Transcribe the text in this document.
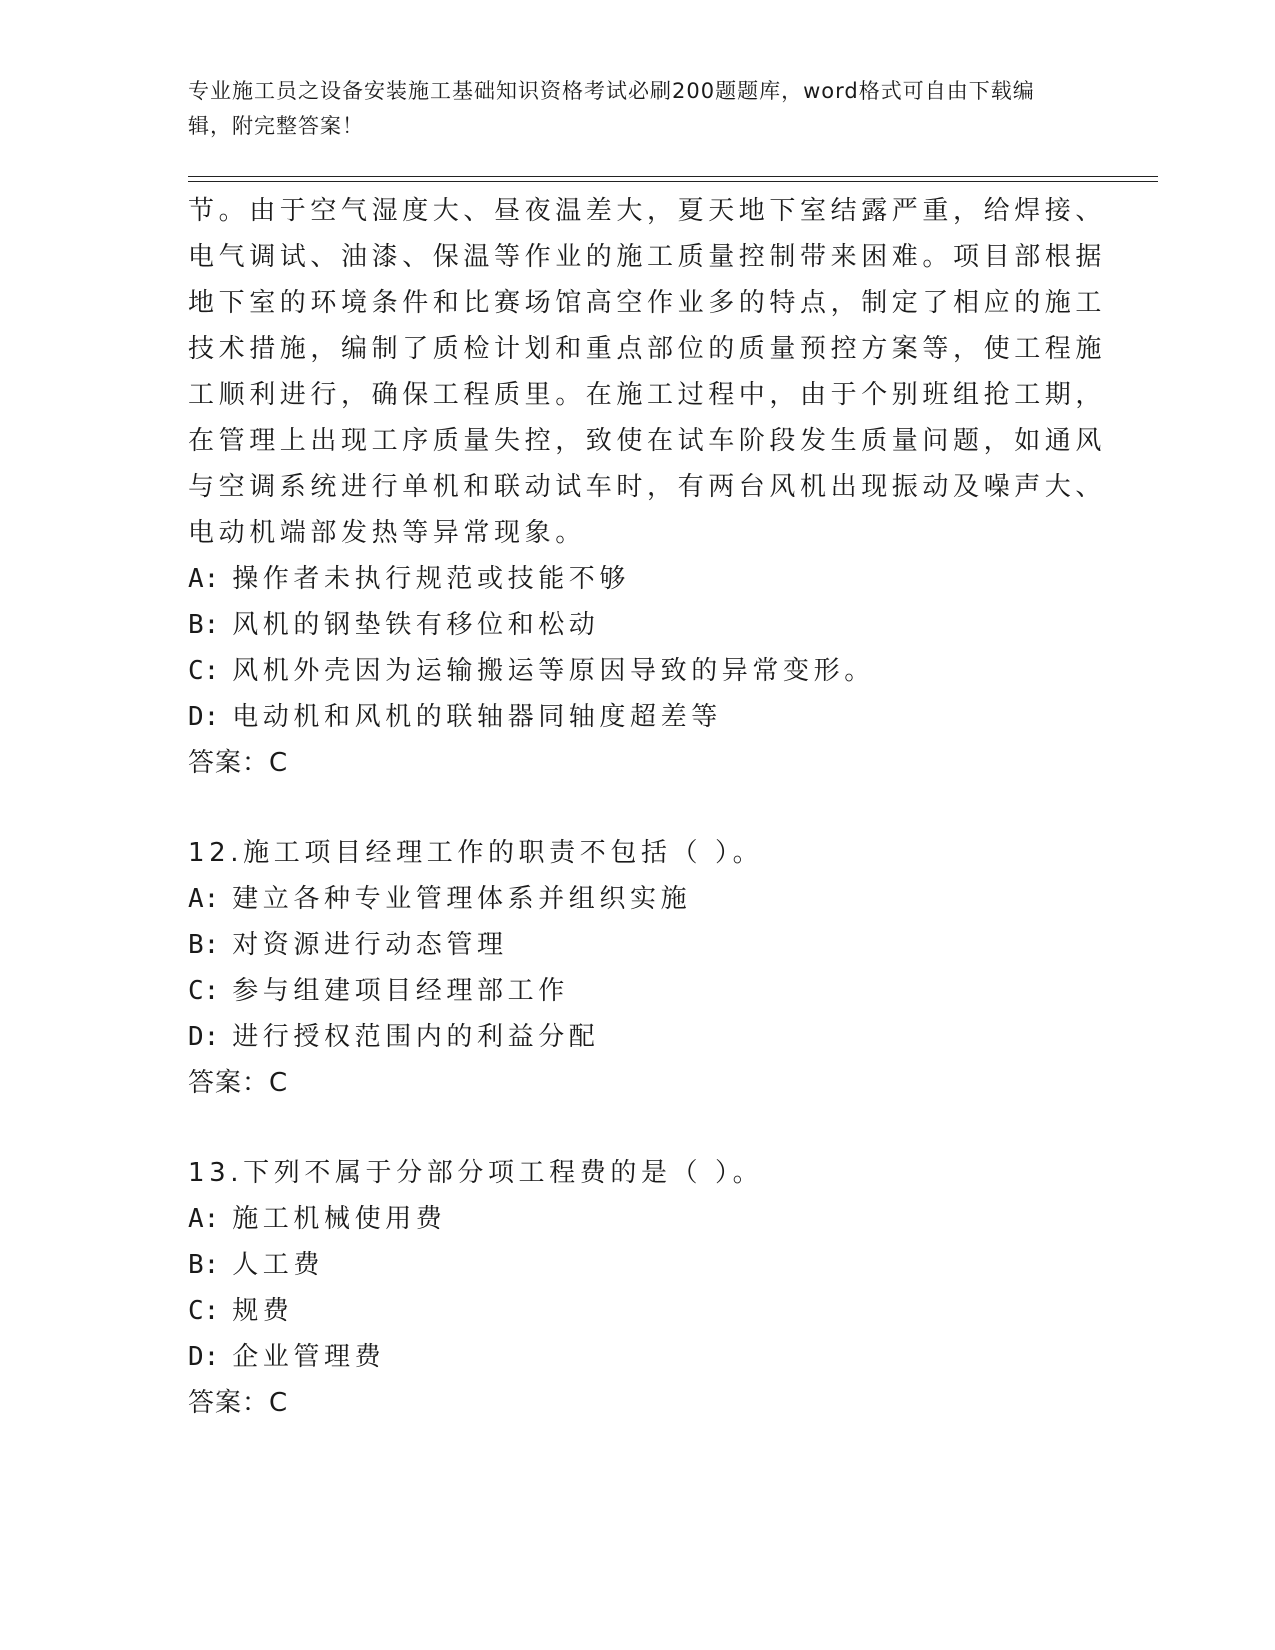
专业施工员之设备安装施工基础知识资格考试必刷200题题库，word格式可自由下载编辑，附完整答案！
节。由于空气湿度大、昼夜温差大，夏天地下室结露严重，给焊接、
电气调试、油漆、保温等作业的施工质量控制带来困难。项目部根据
地下室的环境条件和比赛场馆高空作业多的特点，制定了相应的施工
技术措施，编制了质检计划和重点部位的质量预控方案等，使工程施
工顺利进行，确保工程质里。在施工过程中，由于个别班组抢工期，
在管理上出现工序质量失控，致使在试车阶段发生质量问题，如通风
与空调系统进行单机和联动试车时，有两台风机出现振动及噪声大、
电动机端部发热等异常现象。
A: 操作者未执行规范或技能不够
B: 风机的钢垫铁有移位和松动
C: 风机外壳因为运输搬运等原因导致的异常变形。
D: 电动机和风机的联轴器同轴度超差等
答案：C
12.施工项目经理工作的职责不包括（ ）。
A: 建立各种专业管理体系并组织实施
B: 对资源进行动态管理
C: 参与组建项目经理部工作
D: 进行授权范围内的利益分配
答案：C
13.下列不属于分部分项工程费的是（ ）。
A: 施工机械使用费
B: 人工费
C: 规费
D: 企业管理费
答案：C
